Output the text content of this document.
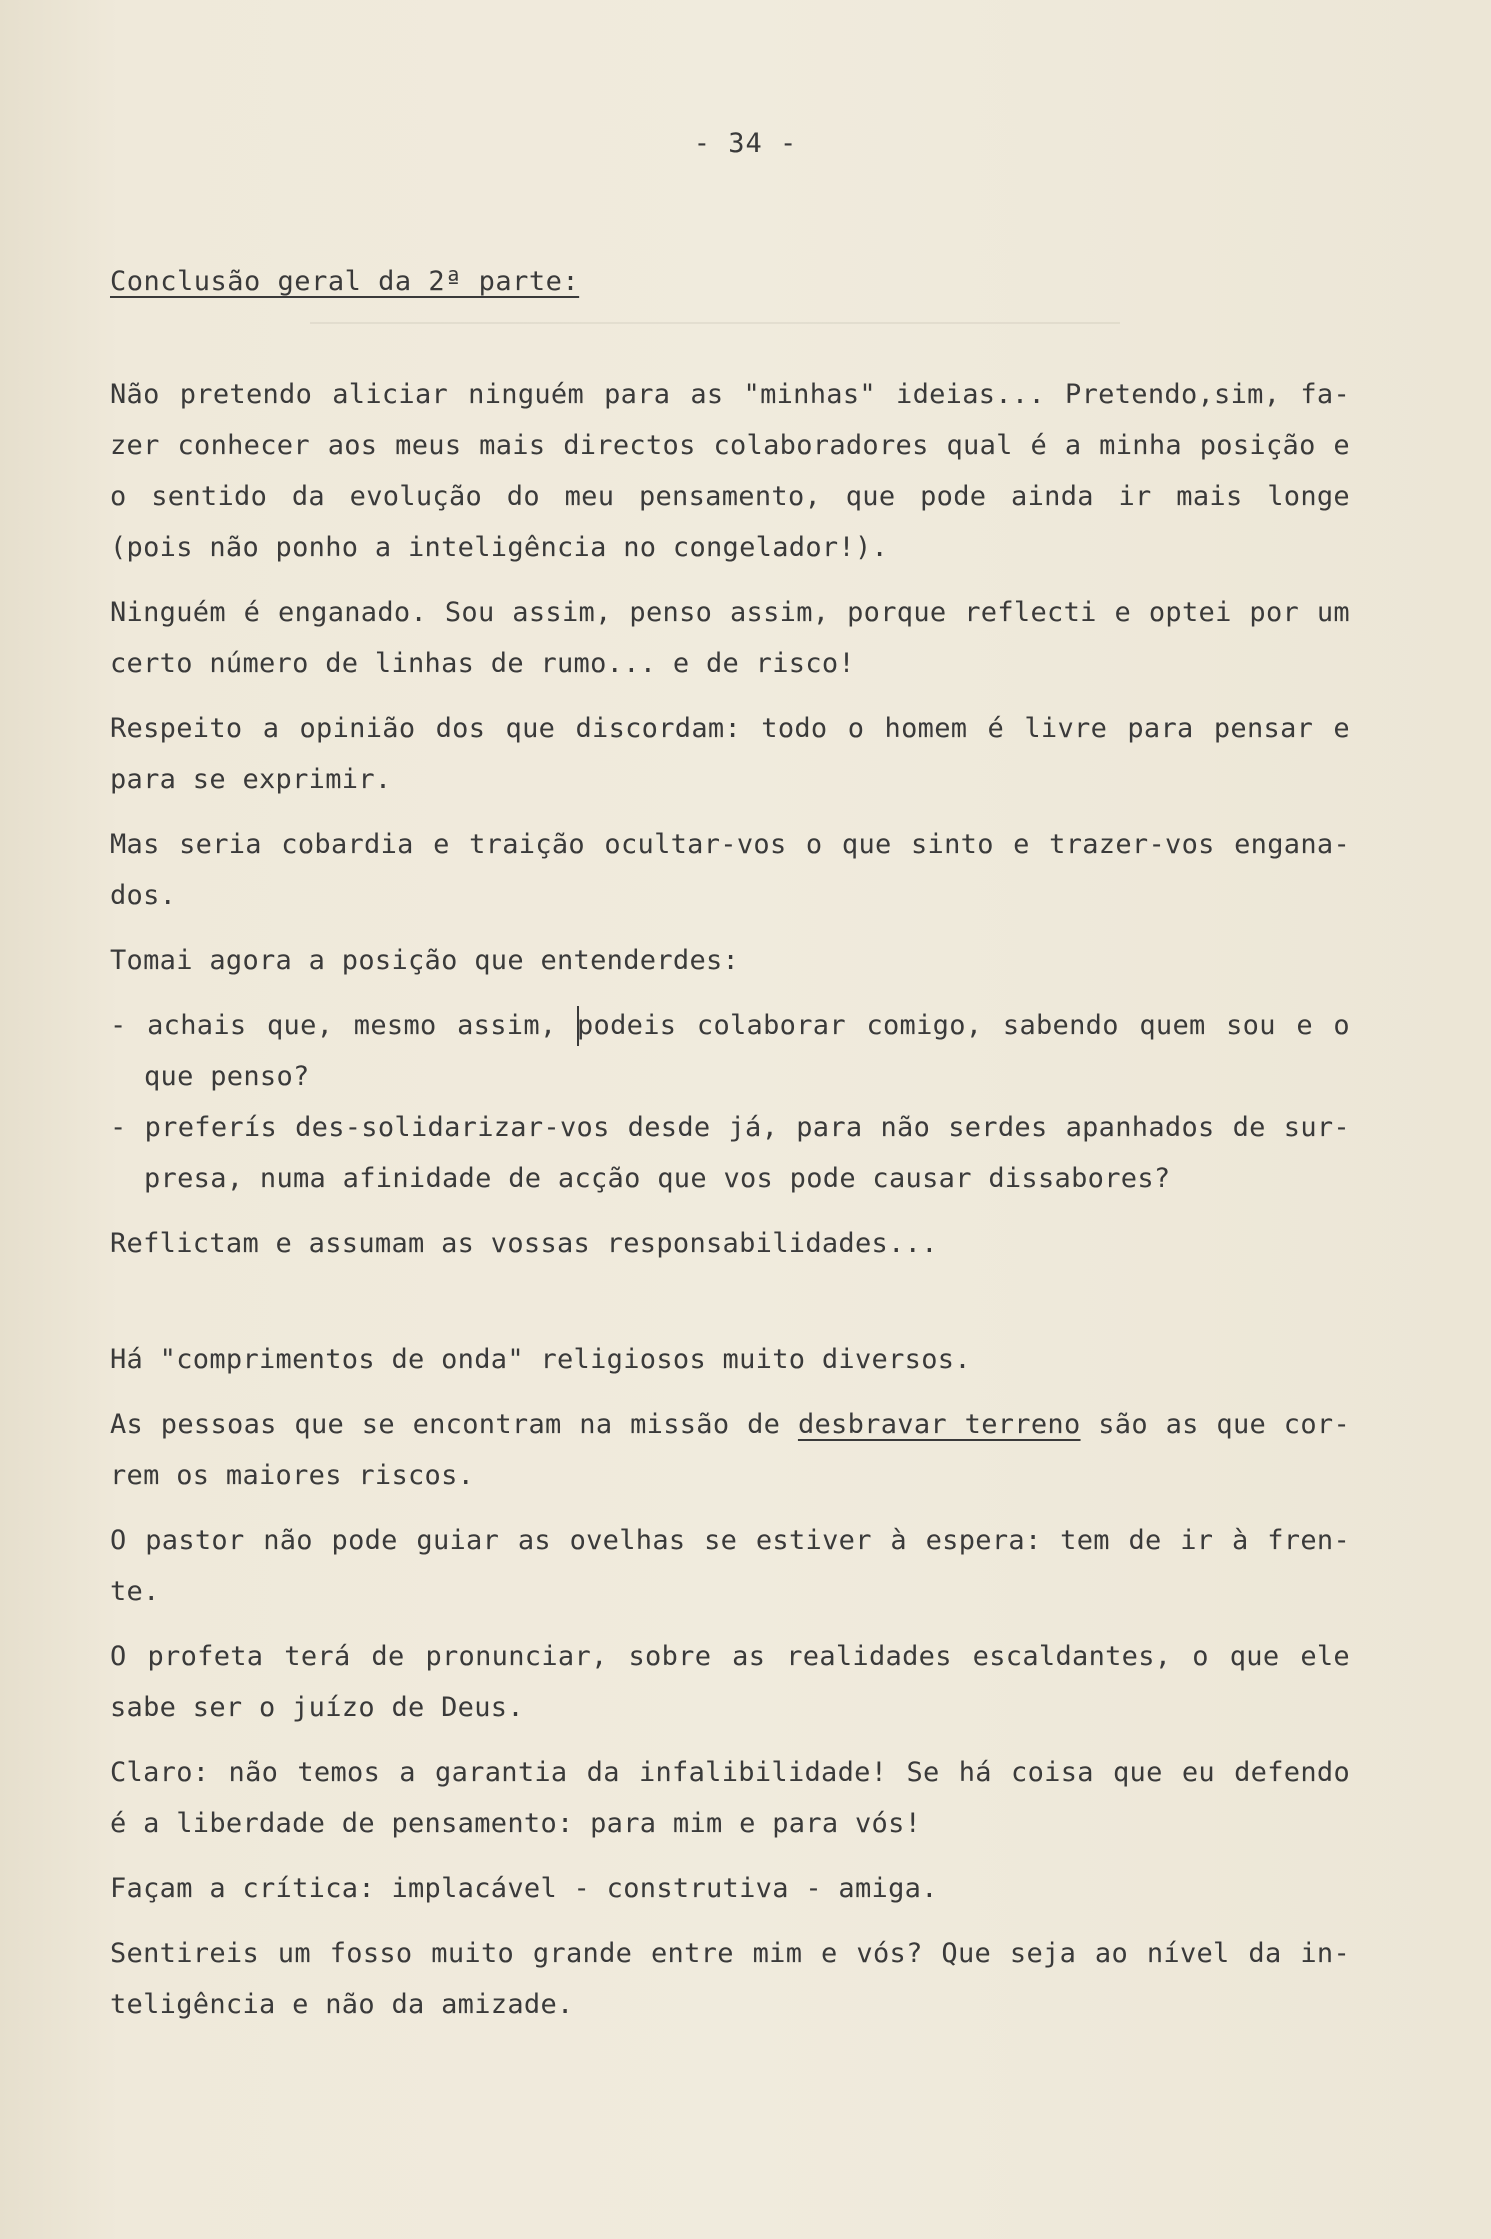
- 34 -
Conclusão geral da 2ª parte:

Não pretendo aliciar ninguém para as "minhas" ideias... Pretendo,sim, fa-zer conhecer aos meus mais directos colaboradores qual é a minha posição e o sentido da evolução do meu pensamento, que pode ainda ir mais longe (pois não ponho a inteligência no congelador!).

Ninguém é enganado. Sou assim, penso assim, porque reflecti e optei por um certo número de linhas de rumo... e de risco!

Respeito a opinião dos que discordam: todo o homem é livre para pensar e para se exprimir.

Mas seria cobardia e traição ocultar-vos o que sinto e trazer-vos engana-dos.

Tomai agora a posição que entenderdes:

- achais que, mesmo assim, podeis colaborar comigo, sabendo quem sou e o que penso?

- preferís des-solidarizar-vos desde já, para não serdes apanhados de sur-presa, numa afinidade de acção que vos pode causar dissabores?

Reflictam e assumam as vossas responsabilidades...

Há "comprimentos de onda" religiosos muito diversos.

As pessoas que se encontram na missão de desbravar terreno são as que cor-rem os maiores riscos.

O pastor não pode guiar as ovelhas se estiver à espera: tem de ir à fren-te.

O profeta terá de pronunciar, sobre as realidades escaldantes, o que ele sabe ser o juízo de Deus.

Claro: não temos a garantia da infalibilidade! Se há coisa que eu defendo é a liberdade de pensamento: para mim e para vós!

Façam a crítica: implacável - construtiva - amiga.

Sentireis um fosso muito grande entre mim e vós? Que seja ao nível da in-teligência e não da amizade.
